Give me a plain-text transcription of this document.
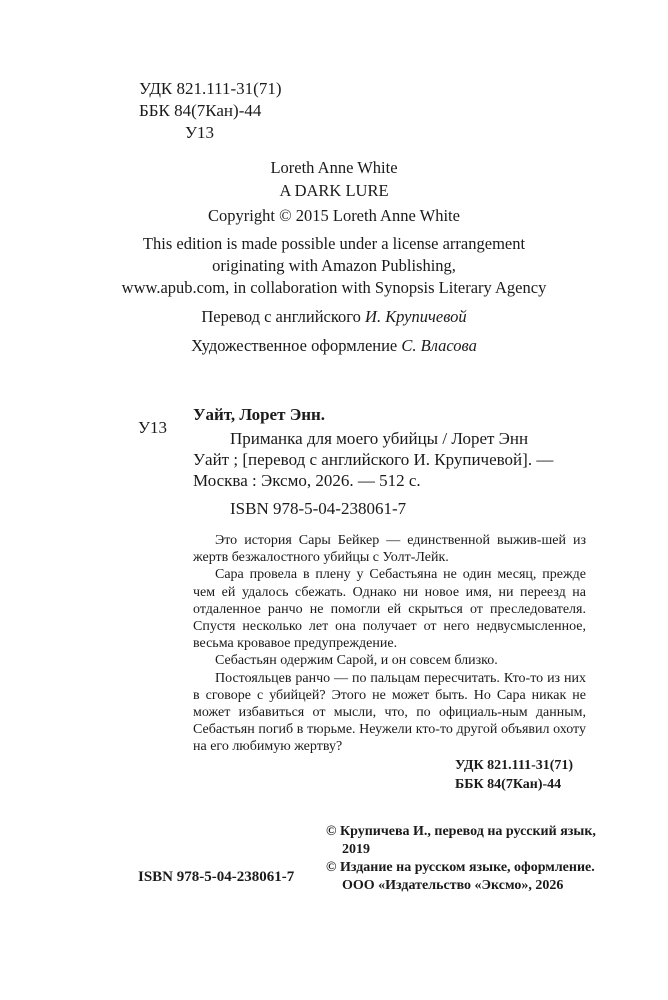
УДК 821.111-31(71)
ББК 84(7Кан)-44
У13
Loreth Anne White
A DARK LURE
Copyright © 2015 Loreth Anne White
This edition is made possible under a license arrangement
originating with Amazon Publishing,
www.apub.com, in collaboration with Synopsis Literary Agency
Перевод с английского И. Крупичевой
Художественное оформление С. Власова
У13
Уайт, Лорет Энн.
Приманка для моего убийцы / Лорет Энн
Уайт ; [перевод с английского И. Крупичевой]. —
Москва : Эксмо, 2026. — 512 с.
ISBN 978-5-04-238061-7

Это история Сары Бейкер — единственной выжив-шей из жертв безжалостного убийцы с Уолт-Лейк.

Сара провела в плену у Себастьяна не один месяц, прежде чем ей удалось сбежать. Однако ни новое имя, ни переезд на отдаленное ранчо не помогли ей скрыться от преследователя. Спустя несколько лет она получает от него недвусмысленное, весьма кровавое предупреждение.

Себастьян одержим Сарой, и он совсем близко.

Постояльцев ранчо — по пальцам пересчитать. Кто-то из них в сговоре с убийцей? Этого не может быть. Но Сара никак не может избавиться от мысли, что, по официаль-ным данным, Себастьян погиб в тюрьме. Неужели кто-то другой объявил охоту на его любимую жертву?

УДК 821.111-31(71)
ББК 84(7Кан)-44
ISBN 978-5-04-238061-7
© Крупичева И., перевод на русский язык,
2019
© Издание на русском языке, оформление.
ООО «Издательство «Эксмо», 2026
